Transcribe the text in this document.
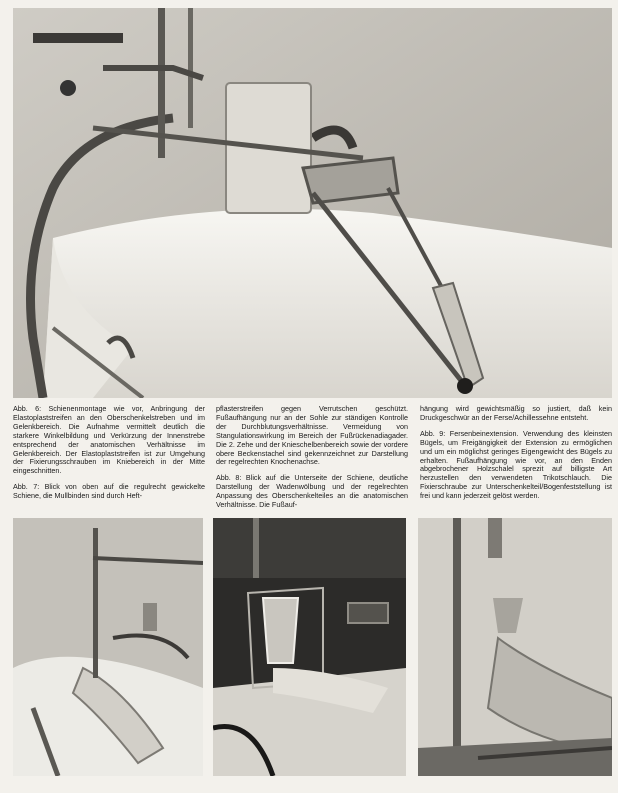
Abb. 6: Schienenmontage wie vor, Anbringung der Elastoplaststreifen an den Oberschenkelstreben und im Gelenkbereich. Die Aufnahme vermittelt deutlich die starkere Winkelbildung und Verkürzung der Innenstrebe entsprechend der anatomischen Verhältnisse im Gelenkbereich. Der Elastoplaststreifen ist zur Umgehung der Fixierungsschrauben im Kniebereich in der Mitte eingeschnitten.

Abb. 7: Blick von oben auf die regulrecht gewickelte Schiene, die Mullbinden sind durch Heft-

pflasterstreifen gegen Verrutschen geschützt. Fußaufhängung nur an der Sohle zur ständigen Kontrolle der Durchblutungsverhältnisse. Vermeidung von Stangulationswirkung im Bereich der Fußrückenadiagader. Die 2. Zehe und der Knieschelbenbereich sowie der vordere obere Beckenstachel sind gekennzeichnet zur Darstellung der regelrechten Knochenachse.

Abb. 8: Blick auf die Unterseite der Schiene, deutliche Darstellung der Wadenwölbung und der regelrechten Anpassung des Oberschenkelteiles an die anatomischen Verhältnisse. Die Fußauf-

hängung wird gewichtsmäßig so justiert, daß kein Druckgeschwür an der Ferse/Achillessehne entsteht.

Abb. 9: Fersenbeinextension. Verwendung des kleinsten Bügels, um Freigängigkeit der Extension zu ermöglichen und um ein möglichst geringes Eigengewicht des Bügels zu erhalten. Fußaufhängung wie vor, an den Enden abgebrochener Holzschalel sprezit auf billigste Art herzustellen den verwendeten Trikotschlauch. Die Fixierschraube zur Unterschenkelteil/Bogenfeststellung ist frei und kann jederzeit gelöst werden.
